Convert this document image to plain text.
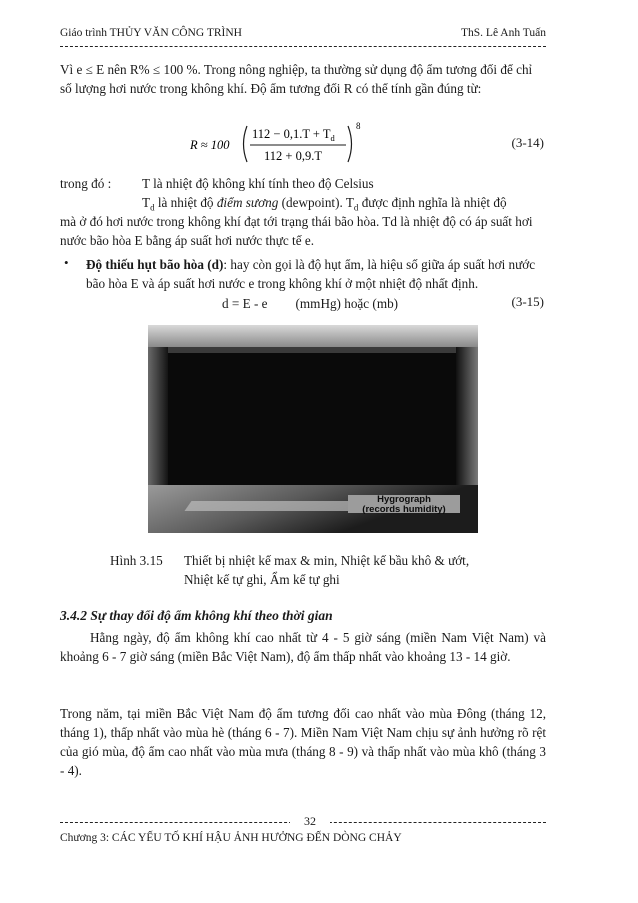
Giáo trình THỦY VĂN CÔNG TRÌNH	ThS. Lê Anh Tuấn
Vì e ≤ E nên R% ≤ 100 %. Trong nông nghiệp, ta thường sử dụng độ ẩm tương đối để chỉ số lượng hơi nước trong không khí. Độ ẩm tương đối R có thể tính gần đúng từ:
R ≈ 100
$112 - 0,1.T + T_d$
112 + 0,9.T
8
(3-14)
trong đó : T là nhiệt độ không khí tính theo độ Celsius
$T_d$ là nhiệt độ điểm sương (dewpoint). $T_d$ được định nghĩa là nhiệt độ
mà ở đó hơi nước trong không khí đạt tới trạng thái bão hòa. Td là nhiệt độ có áp suất hơi nước bão hòa E bằng áp suất hơi nước thực tế e.
• Độ thiếu hụt bão hòa (d): hay còn gọi là độ hụt ẩm, là hiệu số giữa áp suất hơi nước bão hòa E và áp suất hơi nước e trong không khí ở một nhiệt độ nhất định.
d = E - e (mmHg) hoặc (mb)	(3-15)
Hygrograph
(records humidity)
Hình 3.15 Thiết bị nhiệt kế max & min, Nhiệt kế bầu khô & ướt,
Nhiệt kế tự ghi, Ẩm kế tự ghi
3.4.2 Sự thay đổi độ ẩm không khí theo thời gian
Hằng ngày, độ ẩm không khí cao nhất từ 4 - 5 giờ sáng (miền Nam Việt Nam) và khoảng 6 - 7 giờ sáng (miền Bắc Việt Nam), độ ẩm thấp nhất vào khoảng 13 - 14 giờ.
Trong năm, tại miền Bắc Việt Nam độ ẩm tương đối cao nhất vào mùa Đông (tháng 12, tháng 1), thấp nhất vào mùa hè (tháng 6 - 7). Miền Nam Việt Nam chịu sự ảnh hưởng rõ rệt của gió mùa, độ ẩm cao nhất vào mùa mưa (tháng 8 - 9) và thấp nhất vào mùa khô (tháng 3 - 4).
32
Chương 3: CÁC YẾU TỐ KHÍ HẬU ẢNH HƯỞNG ĐẾN DÒNG CHẢY
